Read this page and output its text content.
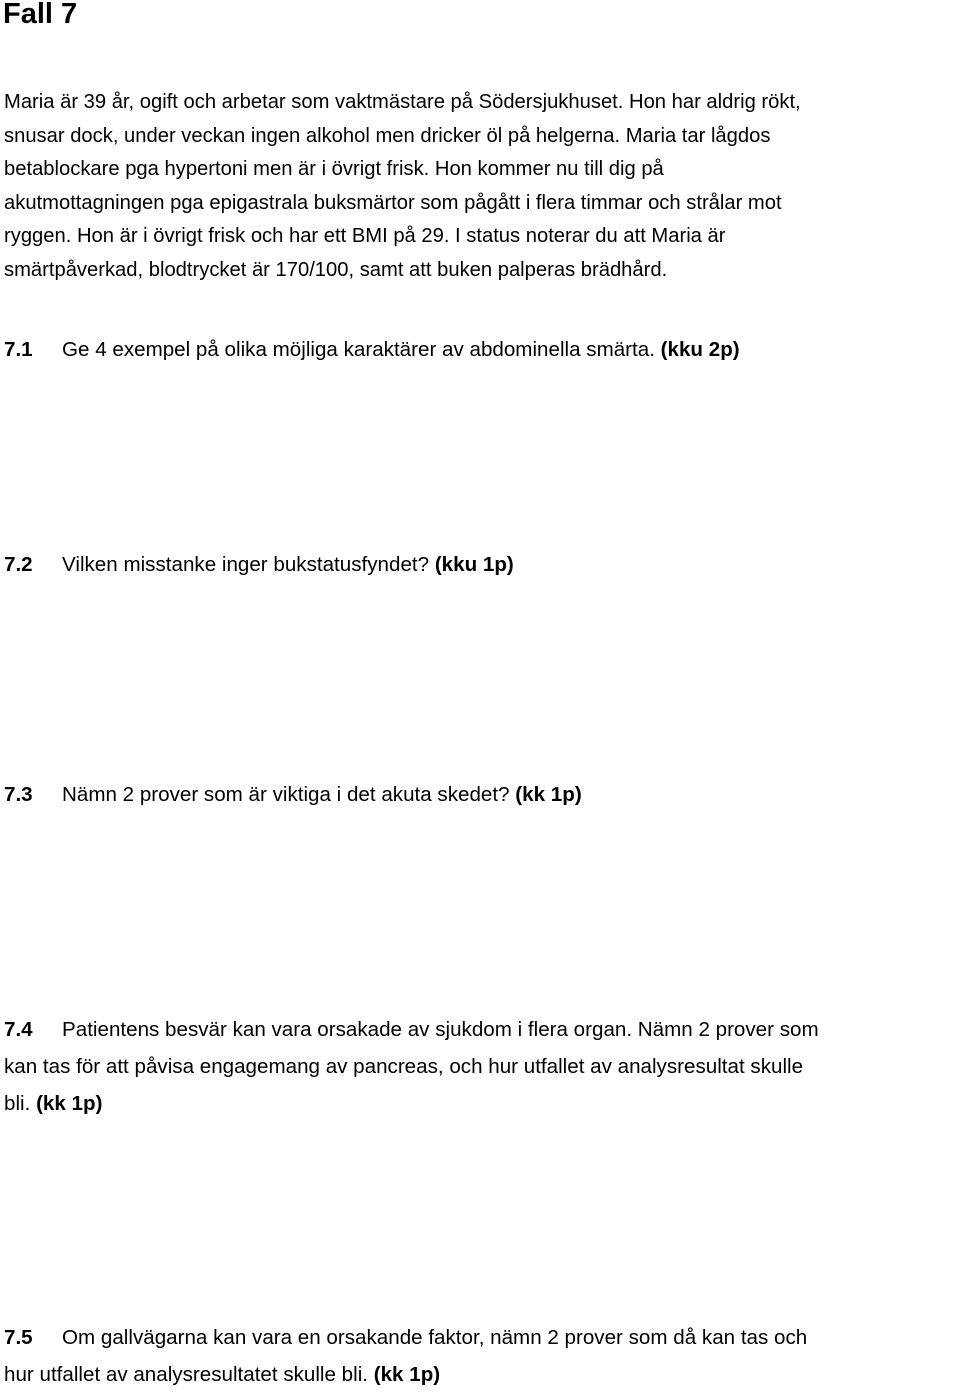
Fall 7
Maria är 39 år, ogift och arbetar som vaktmästare på Södersjukhuset. Hon har aldrig rökt,
snusar dock, under veckan ingen alkohol men dricker öl på helgerna. Maria tar lågdos
betablockare pga hypertoni men är i övrigt frisk. Hon kommer nu till dig på
akutmottagningen pga epigastrala buksmärtor som pågått i flera timmar och strålar mot
ryggen. Hon är i övrigt frisk och har ett BMI på 29. I status noterar du att Maria är
smärtpåverkad, blodtrycket är 170/100, samt att buken palperas brädhård.
7.1 Ge 4 exempel på olika möjliga karaktärer av abdominella smärta. (kku 2p)
7.2 Vilken misstanke inger bukstatusfyndet? (kku 1p)
7.3 Nämn 2 prover som är viktiga i det akuta skedet? (kk 1p)
7.4 Patientens besvär kan vara orsakade av sjukdom i flera organ. Nämn 2 prover som
kan tas för att påvisa engagemang av pancreas, och hur utfallet av analysresultat skulle
bli. (kk 1p)
7.5 Om gallvägarna kan vara en orsakande faktor, nämn 2 prover som då kan tas och
hur utfallet av analysresultatet skulle bli. (kk 1p)
